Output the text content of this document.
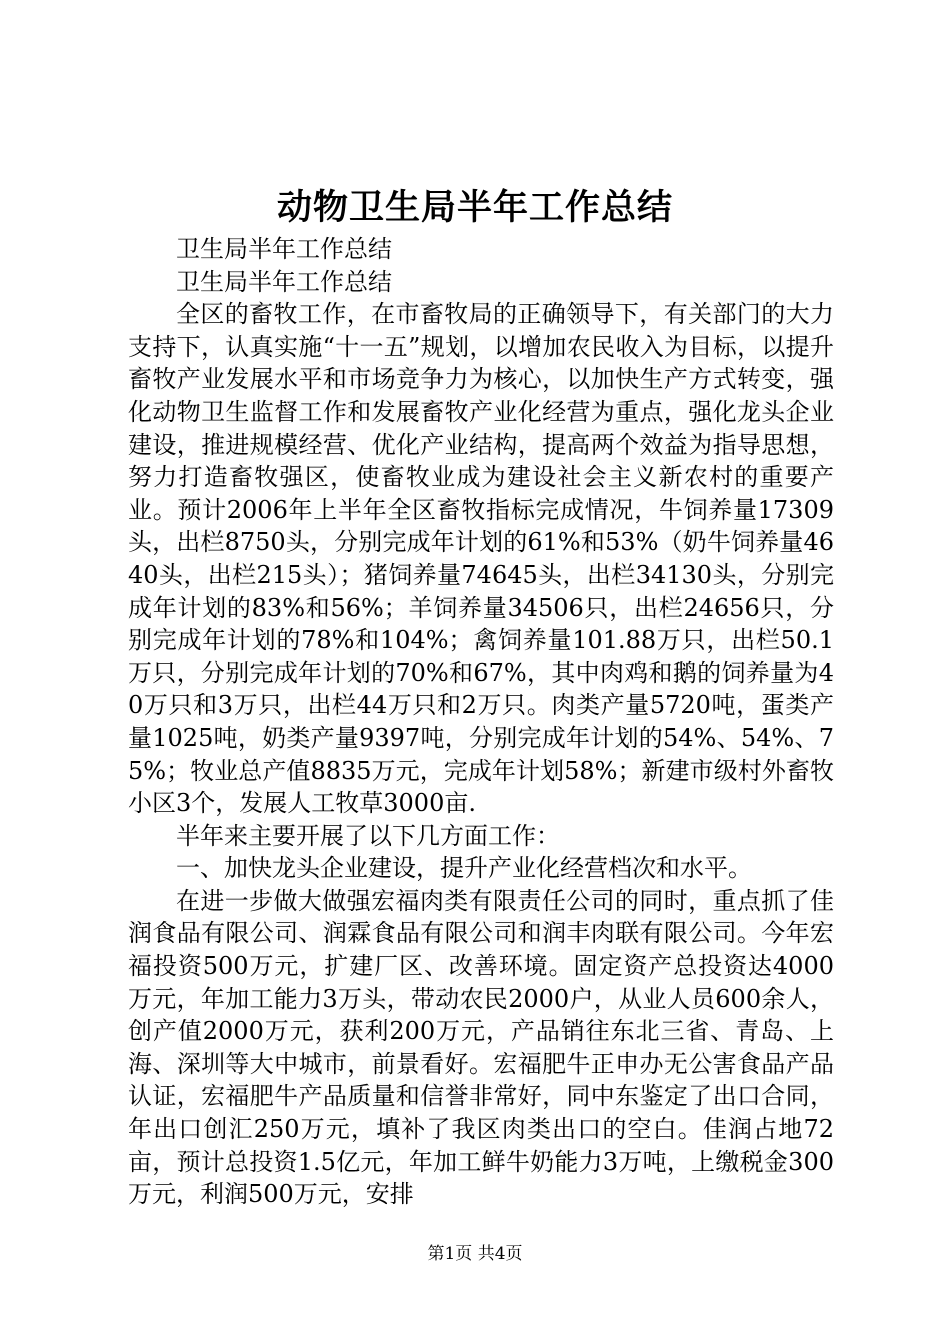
动物卫生局半年工作总结

卫生局半年工作总结

卫生局半年工作总结

全区的畜牧工作，在市畜牧局的正确领导下，有关部门的大力支持下，认真实施“十一五”规划，以增加农民收入为目标，以提升畜牧产业发展水平和市场竞争力为核心，以加快生产方式转变，强化动物卫生监督工作和发展畜牧产业化经营为重点，强化龙头企业建设，推进规模经营、优化产业结构，提高两个效益为指导思想，努力打造畜牧强区，使畜牧业成为建设社会主义新农村的重要产业。预计2006年上半年全区畜牧指标完成情况，牛饲养量17309头，出栏8750头，分别完成年计划的61%和53%（奶牛饲养量4640头，出栏215头）；猪饲养量74645头，出栏34130头，分别完成年计划的83%和56%；羊饲养量34506只，出栏24656只，分别完成年计划的78%和104%；禽饲养量101.88万只，出栏50.1万只，分别完成年计划的70%和67%，其中肉鸡和鹅的饲养量为40万只和3万只，出栏44万只和2万只。肉类产量5720吨，蛋类产量1025吨，奶类产量9397吨，分别完成年计划的54%、54%、75%；牧业总产值8835万元，完成年计划58%；新建市级村外畜牧小区3个，发展人工牧草3000亩.

半年来主要开展了以下几方面工作：

一、加快龙头企业建设，提升产业化经营档次和水平。

在进一步做大做强宏福肉类有限责任公司的同时，重点抓了佳润食品有限公司、润霖食品有限公司和润丰肉联有限公司。今年宏福投资500万元，扩建厂区、改善环境。固定资产总投资达4000万元，年加工能力3万头，带动农民2000户，从业人员600余人，创产值2000万元，获利200万元，产品销往东北三省、青岛、上海、深圳等大中城市，前景看好。宏福肥牛正申办无公害食品产品认证，宏福肥牛产品质量和信誉非常好，同中东鉴定了出口合同，年出口创汇250万元，填补了我区肉类出口的空白。佳润占地72亩，预计总投资1.5亿元，年加工鲜牛奶能力3万吨，上缴税金300万元，利润500万元，安排

第1页 共4页
